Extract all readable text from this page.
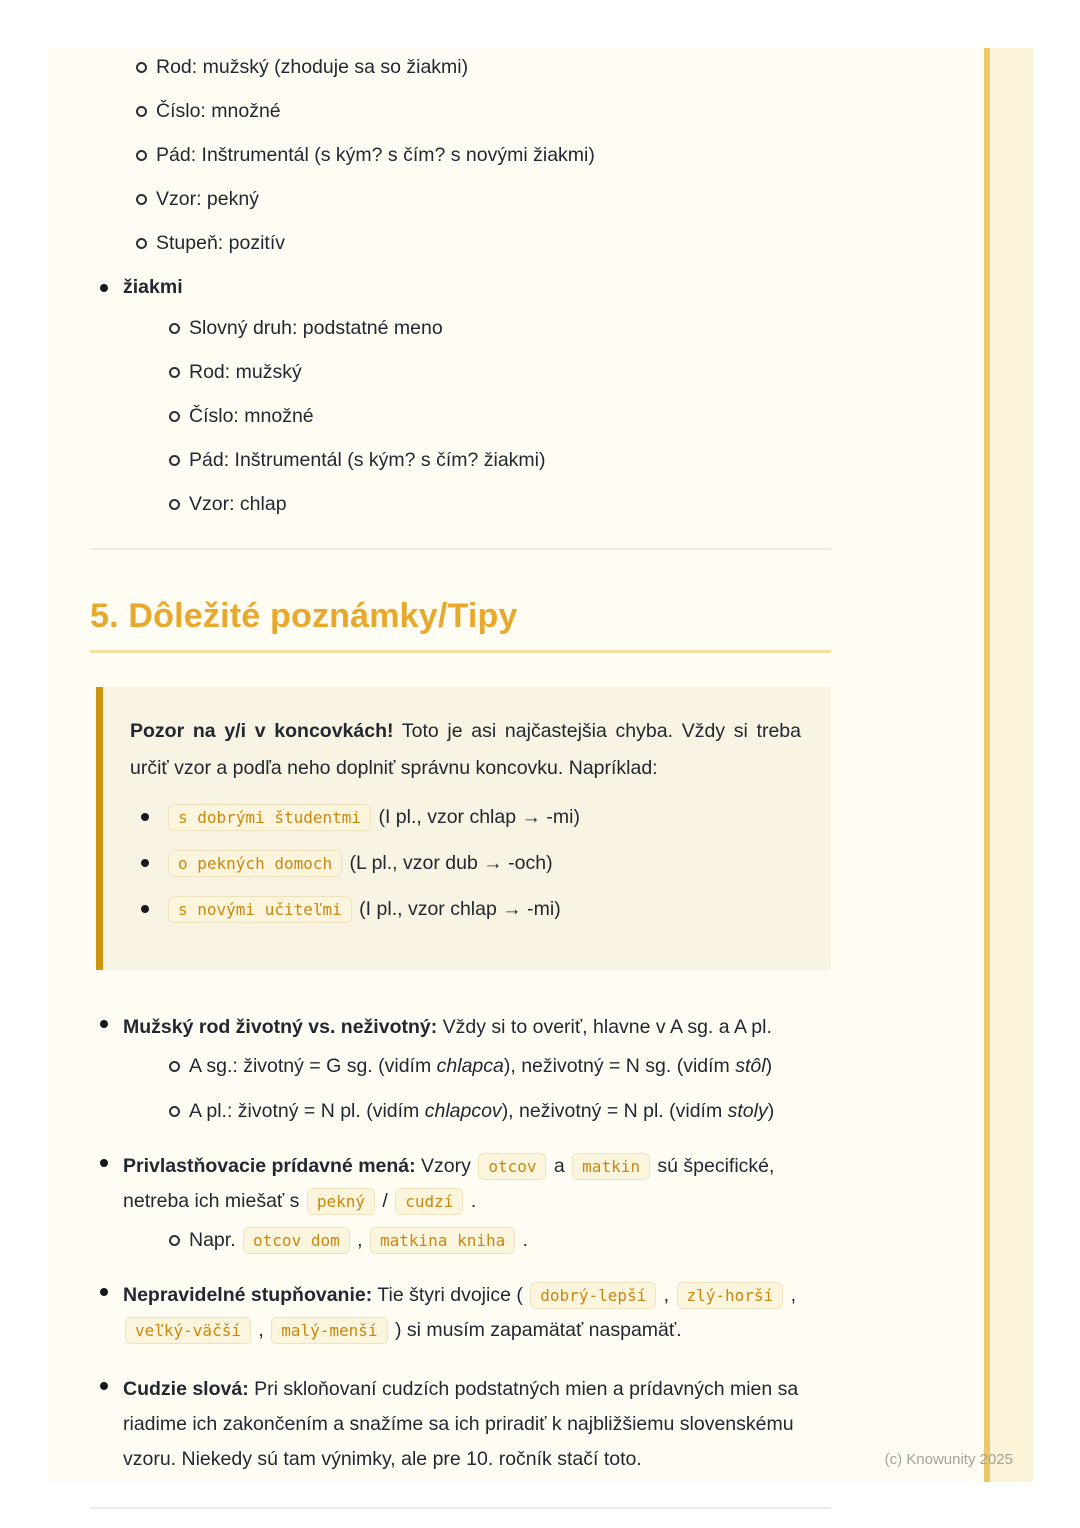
Rod: mužský (zhoduje sa so žiakmi)
Číslo: množné
Pád: Inštrumentál (s kým? s čím? s novými žiakmi)
Vzor: pekný
Stupeň: pozitív
žiakmi
Slovný druh: podstatné meno
Rod: mužský
Číslo: množné
Pád: Inštrumentál (s kým? s čím? žiakmi)
Vzor: chlap
5. Dôležité poznámky/Tipy

Pozor na y/i v koncovkách! Toto je asi najčastejšia chyba. Vždy si treba určiť vzor a podľa neho doplniť správnu koncovku. Napríklad:

s dobrými študentmi (I pl., vzor chlap → -mi)
o pekných domoch (L pl., vzor dub → -och)
s novými učiteľmi (I pl., vzor chlap → -mi)

Mužský rod životný vs. neživotný: Vždy si to overiť, hlavne v A sg. a A pl.

A sg.: životný = G sg. (vidím chlapca), neživotný = N sg. (vidím stôl)
A pl.: životný = N pl. (vidím chlapcov), neživotný = N pl. (vidím stoly)

Privlastňovacie prídavné mená: Vzory otcov a matkin sú špecifické, netreba ich miešať s pekný / cudzí .

Napr. otcov dom , matkina kniha .

Nepravidelné stupňovanie: Tie štyri dvojice ( dobrý-lepší , zlý-horší , veľký-väčší , malý-menší ) si musím zapamätať naspamäť.

Cudzie slová: Pri skloňovaní cudzích podstatných mien a prídavných mien sa riadime ich zakončením a snažíme sa ich priradiť k najbližšiemu slovenskému vzoru. Niekedy sú tam výnimky, ale pre 10. ročník stačí toto.	(c) Knowunity 2025
